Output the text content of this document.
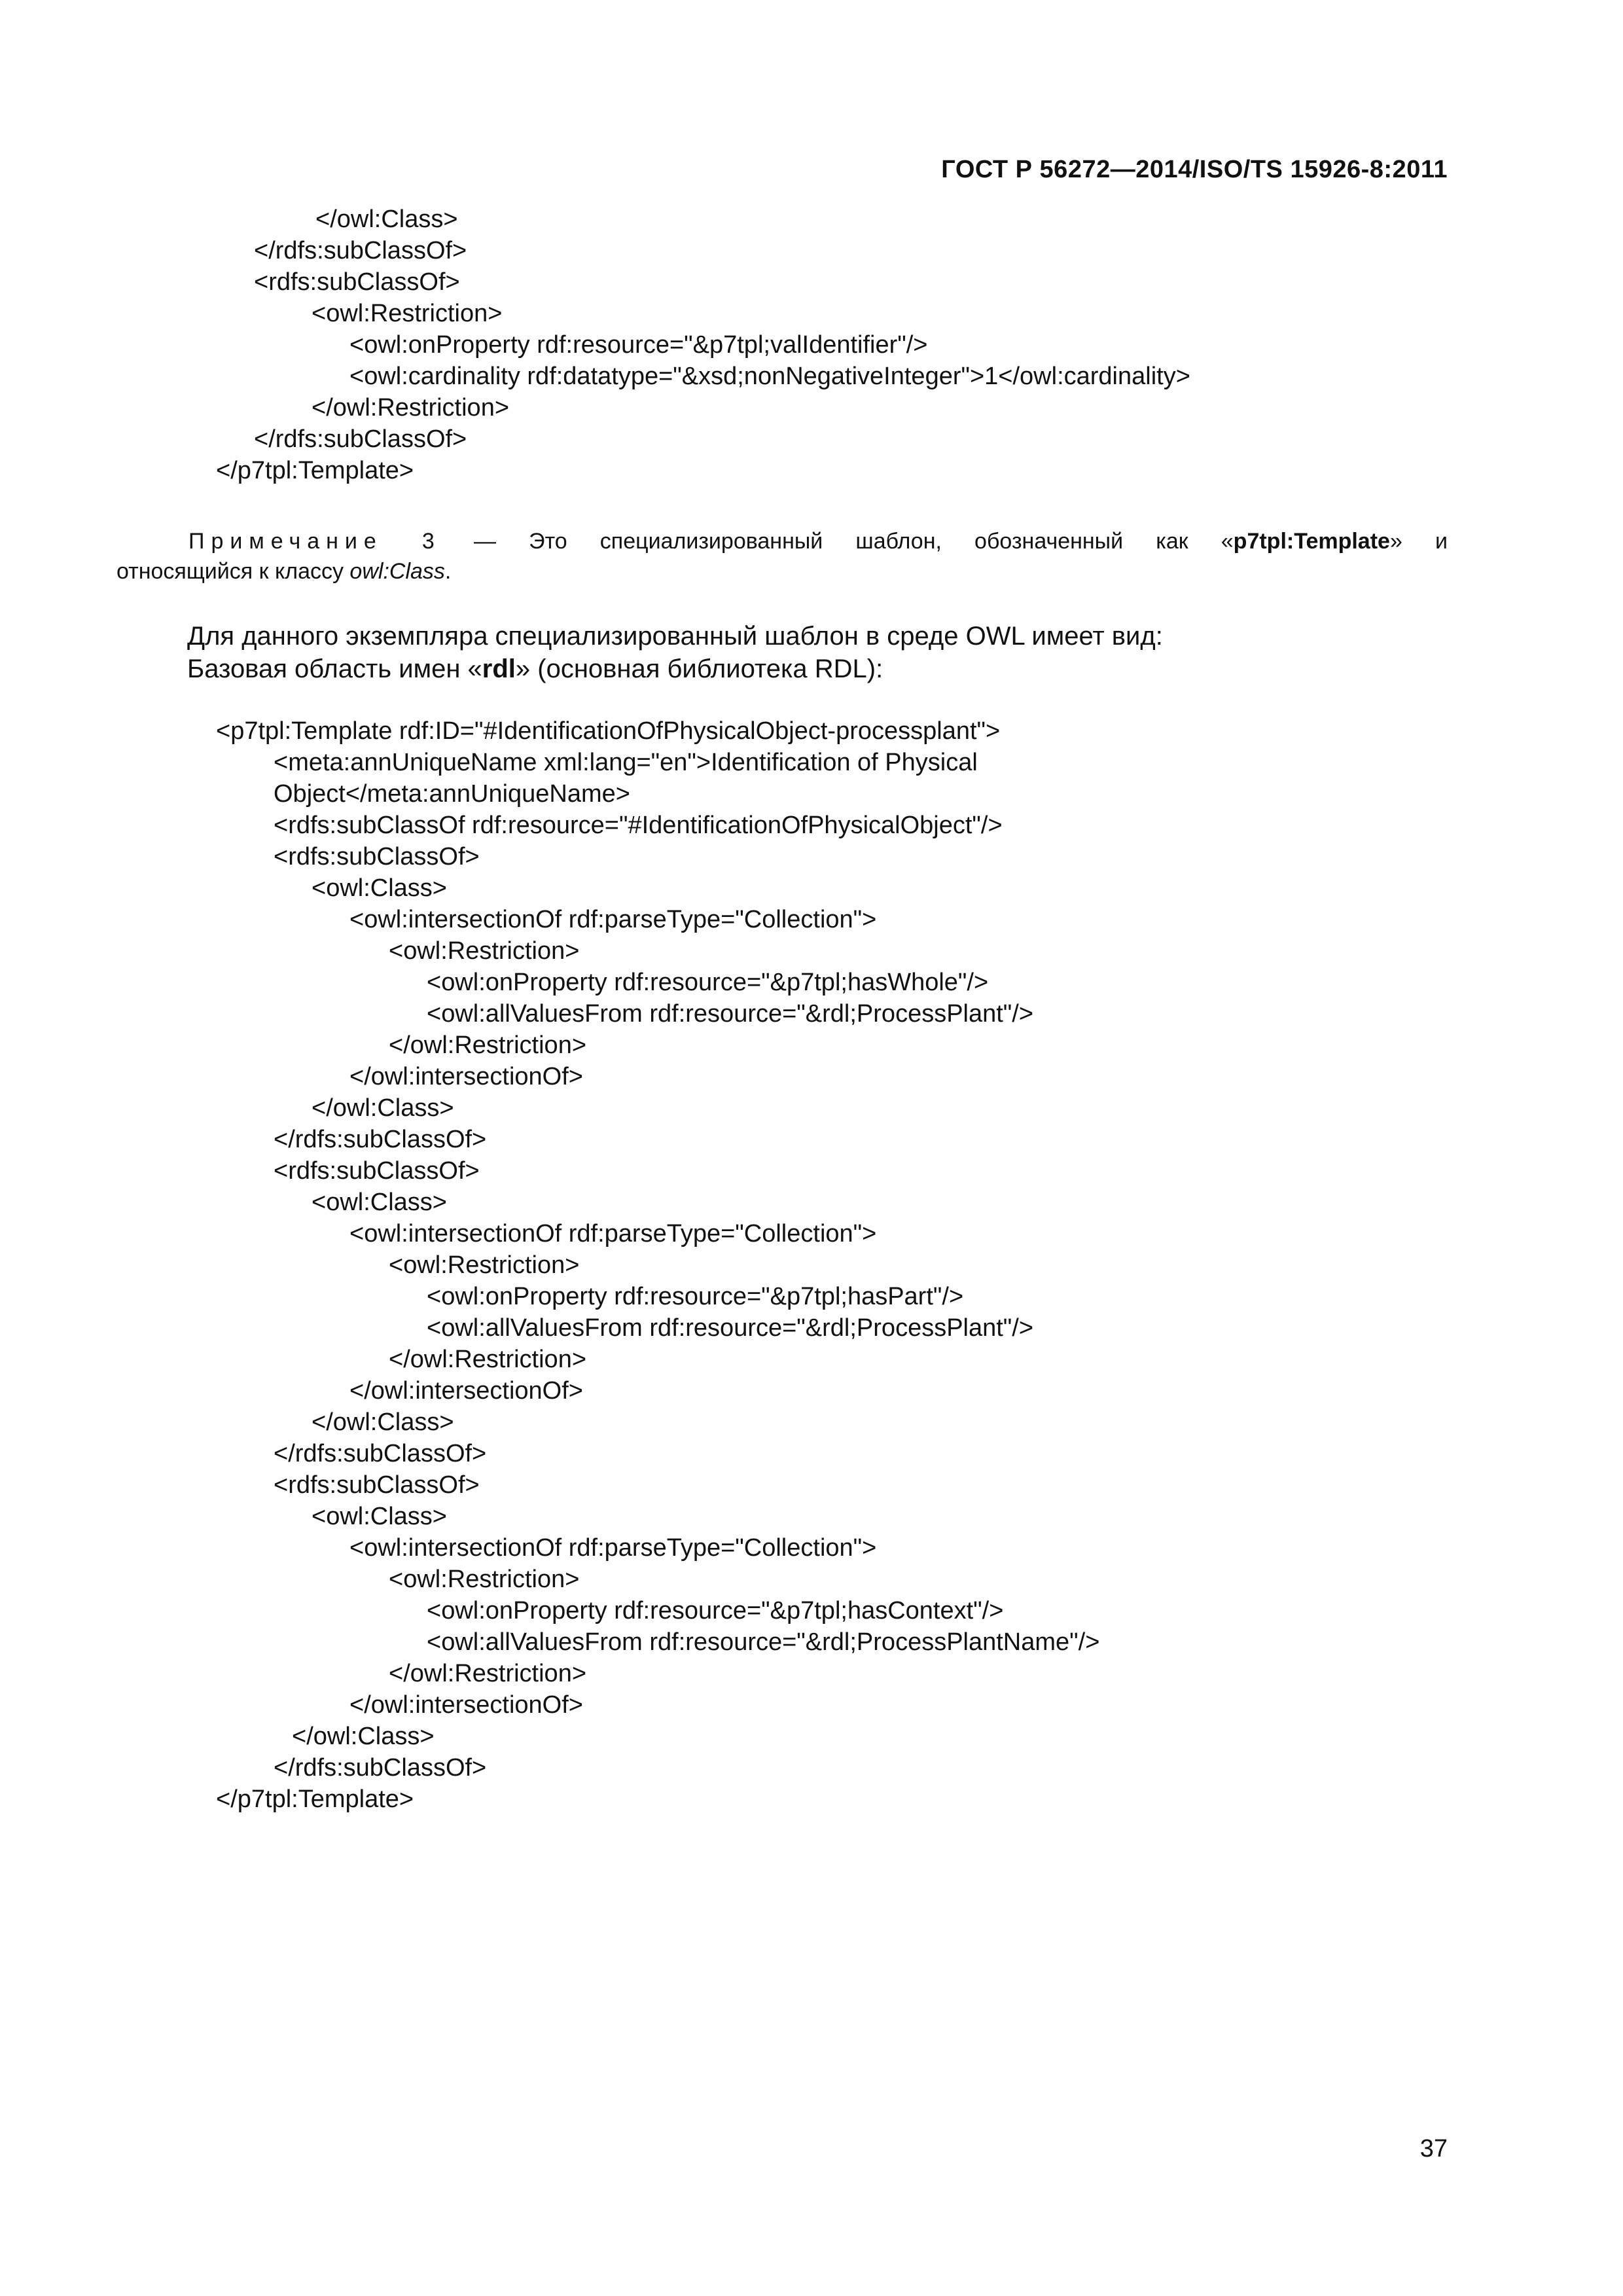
ГОСТ Р 56272—2014/ISO/TS 15926-8:2011
</owl:Class>
</rdfs:subClassOf>
<rdfs:subClassOf>
<owl:Restriction>
<owl:onProperty rdf:resource="&p7tpl;valIdentifier"/>
<owl:cardinality rdf:datatype="&xsd;nonNegativeInteger">1</owl:cardinality>
</owl:Restriction>
</rdfs:subClassOf>
</p7tpl:Template>
Примечание 3 — Это специализированный шаблон, обозначенный как «p7tpl:Template» и
относящийся к классу owl:Class.
Для данного экземпляра специализированный шаблон в среде OWL имеет вид:
Базовая область имен «rdl» (основная библиотека RDL):
<p7tpl:Template rdf:ID="#IdentificationOfPhysicalObject-processplant">
<meta:annUniqueName xml:lang="en">Identification of Physical
Object</meta:annUniqueName>
<rdfs:subClassOf rdf:resource="#IdentificationOfPhysicalObject"/>
<rdfs:subClassOf>
<owl:Class>
<owl:intersectionOf rdf:parseType="Collection">
<owl:Restriction>
<owl:onProperty rdf:resource="&p7tpl;hasWhole"/>
<owl:allValuesFrom rdf:resource="&rdl;ProcessPlant"/>
</owl:Restriction>
</owl:intersectionOf>
</owl:Class>
</rdfs:subClassOf>
<rdfs:subClassOf>
<owl:Class>
<owl:intersectionOf rdf:parseType="Collection">
<owl:Restriction>
<owl:onProperty rdf:resource="&p7tpl;hasPart"/>
<owl:allValuesFrom rdf:resource="&rdl;ProcessPlant"/>
</owl:Restriction>
</owl:intersectionOf>
</owl:Class>
</rdfs:subClassOf>
<rdfs:subClassOf>
<owl:Class>
<owl:intersectionOf rdf:parseType="Collection">
<owl:Restriction>
<owl:onProperty rdf:resource="&p7tpl;hasContext"/>
<owl:allValuesFrom rdf:resource="&rdl;ProcessPlantName"/>
</owl:Restriction>
</owl:intersectionOf>
</owl:Class>
</rdfs:subClassOf>
</p7tpl:Template>
37
